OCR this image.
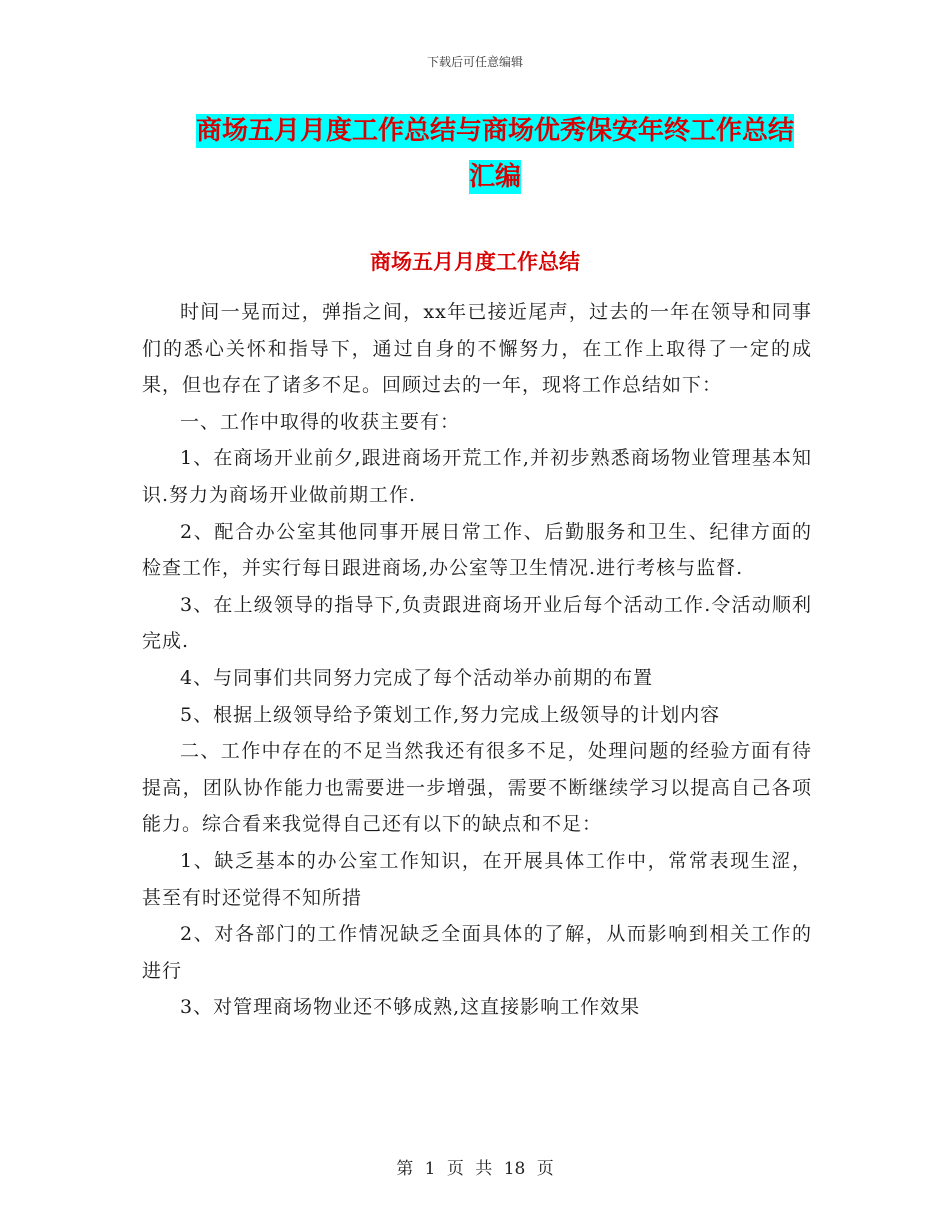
下载后可任意编辑
商场五月月度工作总结与商场优秀保安年终工作总结
汇编
商场五月月度工作总结

时间一晃而过，弹指之间，xx年已接近尾声，过去的一年在领导和同事们的悉心关怀和指导下，通过自身的不懈努力，在工作上取得了一定的成果，但也存在了诸多不足。回顾过去的一年，现将工作总结如下：

一、工作中取得的收获主要有：

1、在商场开业前夕,跟进商场开荒工作,并初步熟悉商场物业管理基本知识.努力为商场开业做前期工作.

2、配合办公室其他同事开展日常工作、后勤服务和卫生、纪律方面的检查工作，并实行每日跟进商场,办公室等卫生情况.进行考核与监督.

3、在上级领导的指导下,负责跟进商场开业后每个活动工作.令活动顺利完成.

4、与同事们共同努力完成了每个活动举办前期的布置

5、根据上级领导给予策划工作,努力完成上级领导的计划内容

二、工作中存在的不足当然我还有很多不足，处理问题的经验方面有待提高，团队协作能力也需要进一步增强，需要不断继续学习以提高自己各项能力。综合看来我觉得自己还有以下的缺点和不足：

1、缺乏基本的办公室工作知识，在开展具体工作中，常常表现生涩，甚至有时还觉得不知所措

2、对各部门的工作情况缺乏全面具体的了解，从而影响到相关工作的进行

3、对管理商场物业还不够成熟,这直接影响工作效果

第 1 页 共 18 页
